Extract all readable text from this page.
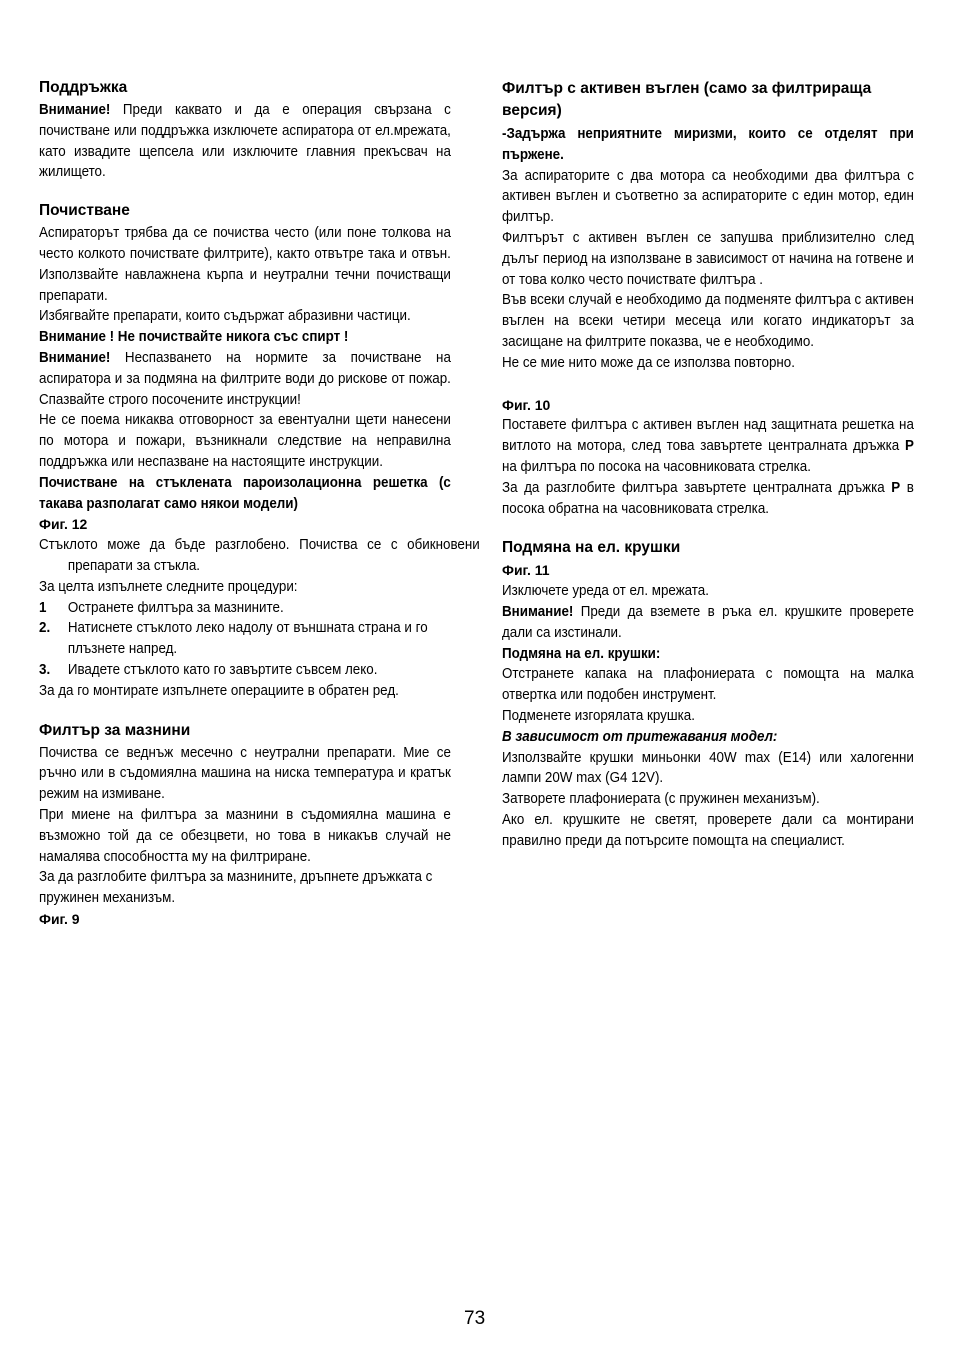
Поддръжка

Внимание! Преди каквато и да е операция свързана с почистване или поддръжка изключете аспиратора от ел.мрежата, като извадите щепсела или изключите главния прекъсвач на жилището.

Почистване

Аспираторът трябва да се почиства често (или поне толкова на често колкото почиствате филтрите), както отвътре така и отвън. Използвайте навлажнена кърпа и неутрални течни почистващи препарати.

Избягвайте препарати, които съдържат абразивни частици.

Внимание ! Не почиствайте никога със спирт !

Внимание! Неспазването на нормите за почистване на аспиратора и за подмяна на филтрите води до рискове от пожар. Спазвайте строго посочените инструкции!

Не се поема никаква отговорност за евентуални щети нанесени по мотора и пожари, възникнали следствие на неправилна поддръжка или неспазване на настоящите инструкции.

Почистване на стъклената пароизолационна решетка (с такава разполагат само някои модели)

Фиг. 12

Стъклото може да бъде разглобено. Почиства се с обикновени препарати за стъкла.

За целта изпълнете следните процедури:

1 Остранете филтъра за мазнините.
2. Натиснете стъклото леко надолу от външната страна и го плъзнете напред.
3. Ивадете стъклото като го завъртите съвсем леко.

За да го монтирате изпълнете операциите в обратен ред.

Филтър за мазнини

Почиства се веднъж месечно с неутрални препарати. Мие се ръчно или в съдомиялна машина на ниска температура и кратък режим на измиване.

При миене на филтъра за мазнини в съдомиялна машина е възможно той да се обезцвети, но това в никакъв случай не намалява способността му на филтриране.

За да разглобите филтъра за мазнините, дръпнете дръжката с пружинен механизъм.

Фиг. 9
Филтър с активен въглен (само за филтрираща версия)

-Задържа неприятните миризми, които се отделят при пържене.

За аспираторите с два мотора са необходими два филтъра с активен въглен и съответно за аспираторите с един мотор, един филтър.

Филтърът с активен въглен се запушва приблизително след дълъг период на използване в зависимост от начина на готвене и от това колко често почиствате филтъра .

Във всеки случай е необходимо да подменяте филтъра с активен въглен на всеки четири месеца или когато индикаторът за засищане на филтрите показва, че е необходимо.

Не се мие нито може да се използва повторно.

Фиг. 10

Поставете филтъра с активен въглен над защитната решетка на витлото на мотора, след това завъртете централната дръжка P на филтъра по посока на часовниковата стрелка.

За да разглобите филтъра завъртете централната дръжка P в посока обратна на часовниковата стрелка.

Подмяна на ел. крушки
Фиг. 11

Изключете уреда от ел. мрежата.

Внимание! Преди да вземете в ръка ел. крушките проверете дали са изстинали.

Подмяна на ел. крушки:

Отстранете капака на плафониерата с помощта на малка отвертка или подобен инструмент.

Подменете изгорялата крушка.

В зависимост от притежавания модел:

Използвайте крушки миньонки 40W max (E14) или халогенни лампи 20W max (G4 12V).

Затворете плафониерата (с пружинен механизъм).

Ако ел. крушките не светят, проверете дали са монтирани правилно преди да потърсите помощта на специалист.

73
